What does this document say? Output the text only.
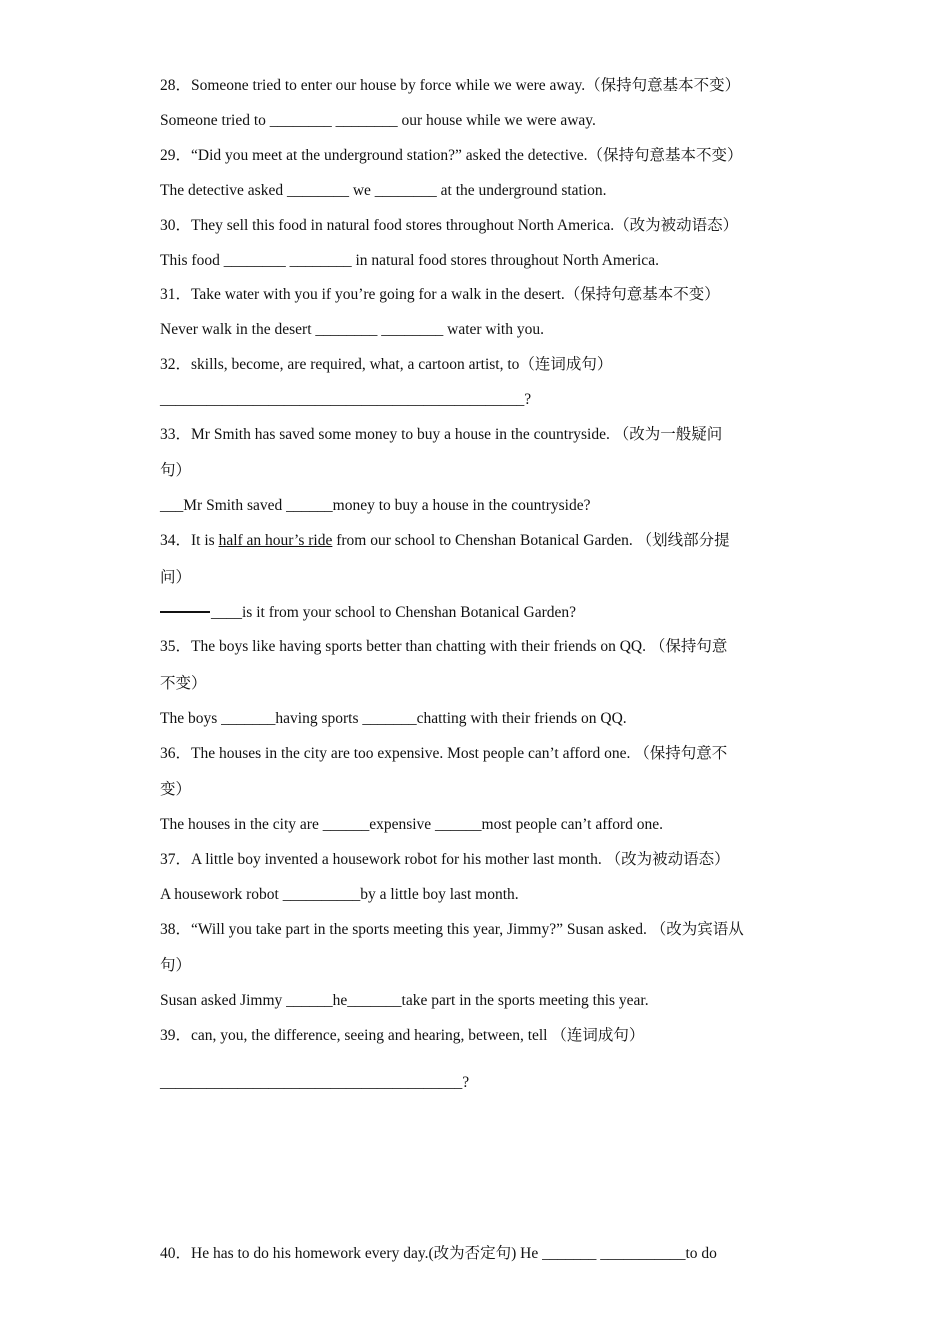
28．Someone tried to enter our house by force while we were away.（保持句意基本不变）
Someone tried to ________ ________ our house while we were away.
29．“Did you meet at the underground station?” asked the detective.（保持句意基本不变）
The detective asked ________ we ________ at the underground station.
30．They sell this food in natural food stores throughout North America.（改为被动语态）
This food ________ ________ in natural food stores throughout North America.
31．Take water with you if you’re going for a walk in the desert.（保持句意基本不变）
Never walk in the desert ________ ________ water with you.
32．skills, become, are required, what, a cartoon artist, to（连词成句）
_______________________________________________?
33．Mr Smith has saved some money to buy a house in the countryside. （改为一般疑问
句）
___Mr Smith saved ______money to buy a house in the countryside?
34．It is half an hour’s ride from our school to Chenshan Botanical Garden. （划线部分提
问）
____is it from your school to Chenshan Botanical Garden?
35．The boys like having sports better than chatting with their friends on QQ. （保持句意
不变）
The boys _______having sports _______chatting with their friends on QQ.
36．The houses in the city are too expensive. Most people can’t afford one. （保持句意不
变）
The houses in the city are ______expensive ______most people can’t afford one.
37．A little boy invented a housework robot for his mother last month. （改为被动语态）
A housework robot __________by a little boy last month.
38．“Will you take part in the sports meeting this year, Jimmy?” Susan asked. （改为宾语从
句）
Susan asked Jimmy ______he_______take part in the sports meeting this year.
39．can, you, the difference, seeing and hearing, between, tell （连词成句）
_______________________________________?
40．He has to do his homework every day.(改为否定句) He _______ ___________to do
